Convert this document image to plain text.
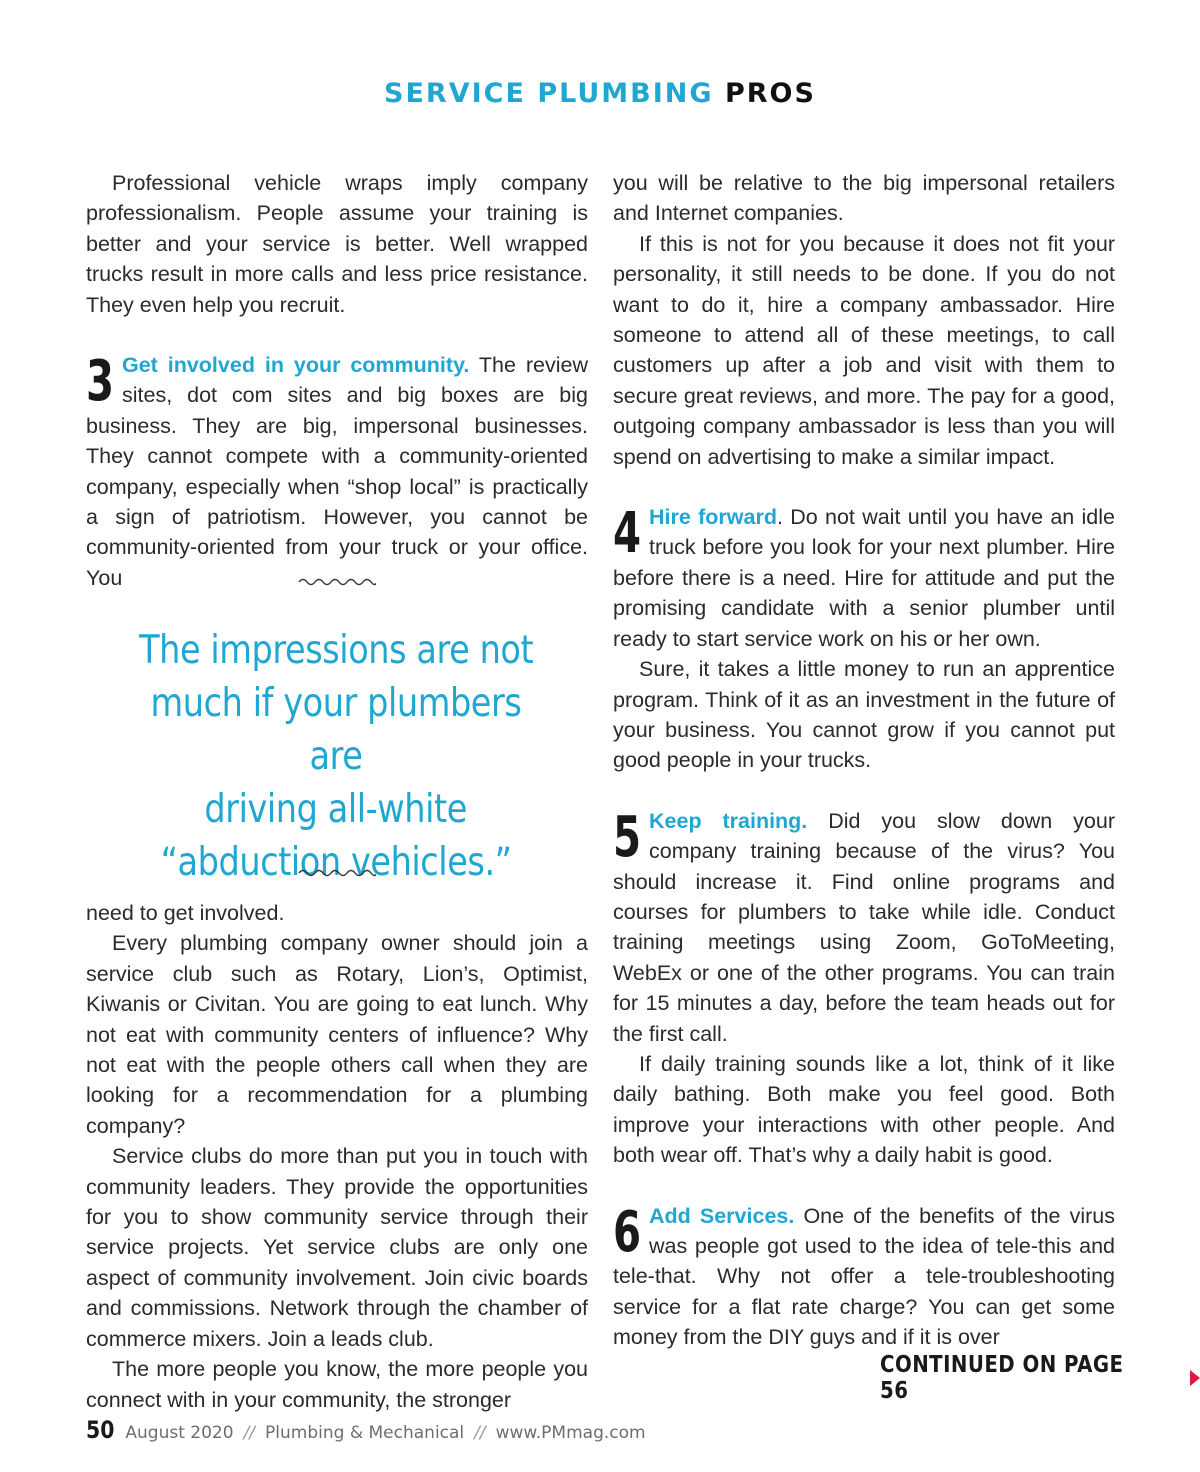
SERVICE PLUMBING PROS

Professional vehicle wraps imply company professionalism. People assume your training is better and your service is better. Well wrapped trucks result in more calls and less price resistance. They even help you recruit.

3 Get involved in your community. The review sites, dot com sites and big boxes are big business. They are big, impersonal businesses. They cannot compete with a community-oriented company, especially when “shop local” is practically a sign of patriotism. However, you cannot be community-oriented from your truck or your office. You

The impressions are not
much if your plumbers are
driving all-white
“abduction vehicles.”

need to get involved.

Every plumbing company owner should join a service club such as Rotary, Lion’s, Optimist, Kiwanis or Civitan. You are going to eat lunch. Why not eat with community centers of influence? Why not eat with the people others call when they are looking for a recommendation for a plumbing company?

Service clubs do more than put you in touch with community leaders. They provide the opportunities for you to show community service through their service projects. Yet service clubs are only one aspect of community involvement. Join civic boards and commissions. Network through the chamber of commerce mixers. Join a leads club.

The more people you know, the more people you connect with in your community, the stronger

you will be relative to the big impersonal retailers and Internet companies.

If this is not for you because it does not fit your personality, it still needs to be done. If you do not want to do it, hire a company ambassador. Hire someone to attend all of these meetings, to call customers up after a job and visit with them to secure great reviews, and more. The pay for a good, outgoing company ambassador is less than you will spend on advertising to make a similar impact.

4 Hire forward. Do not wait until you have an idle truck before you look for your next plumber. Hire before there is a need. Hire for attitude and put the promising candidate with a senior plumber until ready to start service work on his or her own.

Sure, it takes a little money to run an apprentice program. Think of it as an investment in the future of your business. You cannot grow if you cannot put good people in your trucks.

5 Keep training. Did you slow down your company training because of the virus? You should increase it. Find online programs and courses for plumbers to take while idle. Conduct training meetings using Zoom, GoToMeeting, WebEx or one of the other programs. You can train for 15 minutes a day, before the team heads out for the first call.

If daily training sounds like a lot, think of it like daily bathing. Both make you feel good. Both improve your interactions with other people. And both wear off. That’s why a daily habit is good.

6 Add Services. One of the benefits of the virus was people got used to the idea of tele-this and tele-that. Why not offer a tele-troubleshooting service for a flat rate charge? You can get some money from the DIY guys and if it is over

CONTINUED ON PAGE 56
50 August 2020 // Plumbing & Mechanical // www.PMmag.com
